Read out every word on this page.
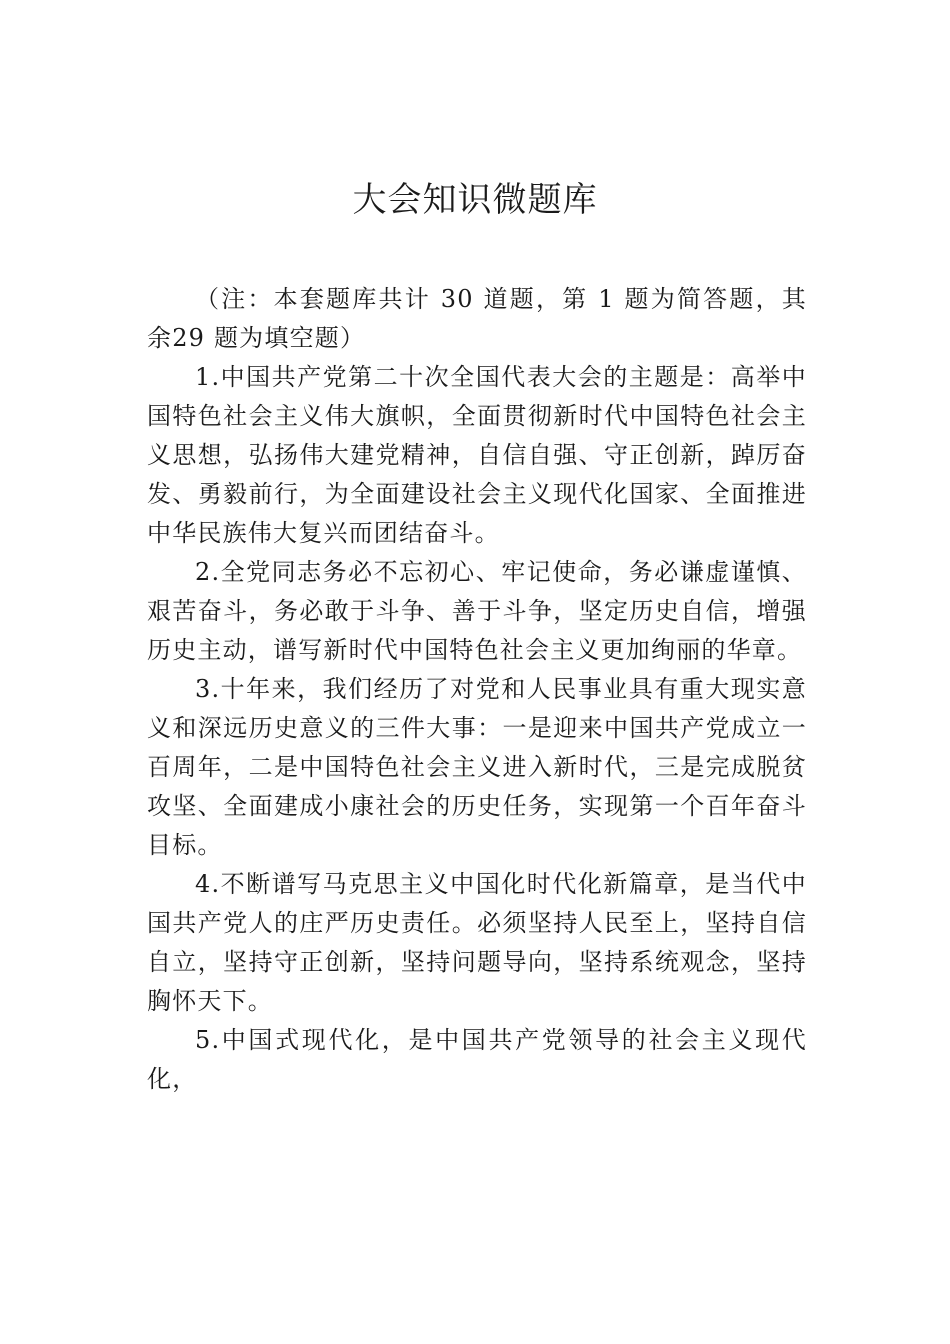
大会知识微题库

（注：本套题库共计 30 道题，第 1 题为简答题，其余29 题为填空题）

1.中国共产党第二十次全国代表大会的主题是：高举中国特色社会主义伟大旗帜，全面贯彻新时代中国特色社会主义思想，弘扬伟大建党精神，自信自强、守正创新，踔厉奋发、勇毅前行，为全面建设社会主义现代化国家、全面推进中华民族伟大复兴而团结奋斗。

2.全党同志务必不忘初心、牢记使命，务必谦虚谨慎、艰苦奋斗，务必敢于斗争、善于斗争，坚定历史自信，增强历史主动，谱写新时代中国特色社会主义更加绚丽的华章。

3.十年来，我们经历了对党和人民事业具有重大现实意义和深远历史意义的三件大事：一是迎来中国共产党成立一百周年，二是中国特色社会主义进入新时代，三是完成脱贫攻坚、全面建成小康社会的历史任务，实现第一个百年奋斗目标。

4.不断谱写马克思主义中国化时代化新篇章，是当代中国共产党人的庄严历史责任。必须坚持人民至上，坚持自信自立，坚持守正创新，坚持问题导向，坚持系统观念，坚持胸怀天下。

5.中国式现代化，是中国共产党领导的社会主义现代化，
